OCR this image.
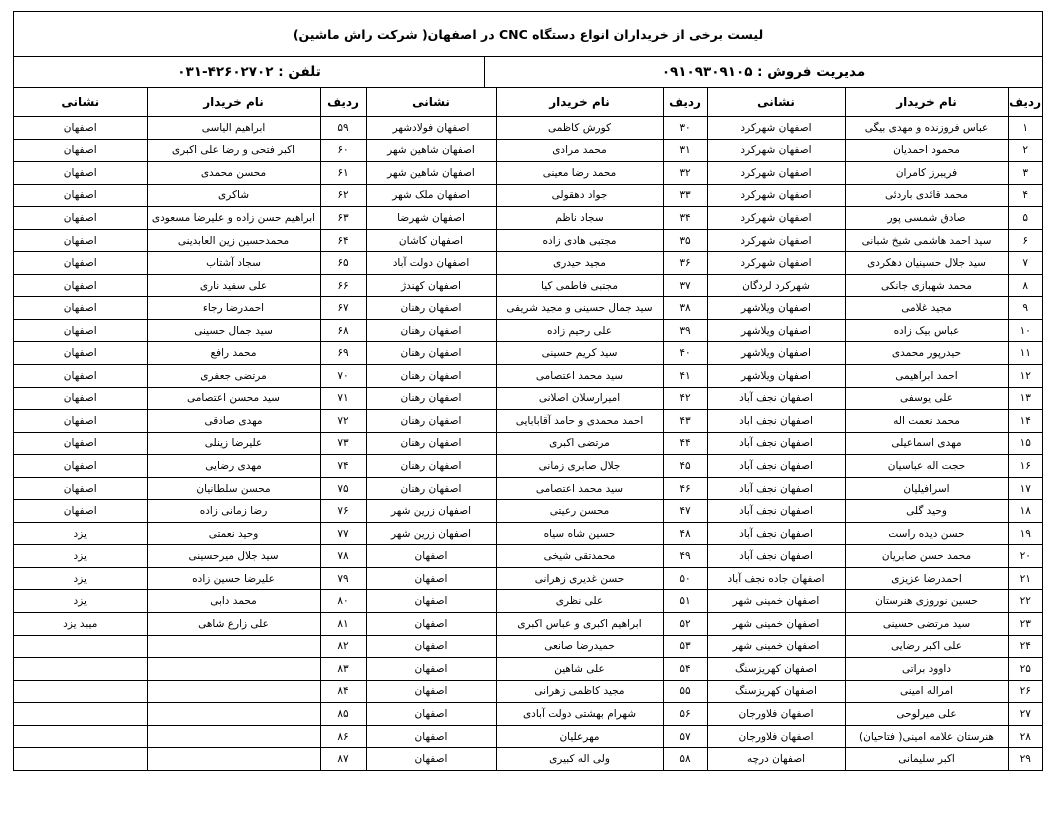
لیست برخی از خریداران انواع دستگاه CNC در اصفهان( شرکت راش ماشین)
مدیریت فروش : ۰۹۱۰۹۳۰۹۱۰۵
تلفن : ۴۲۶۰۲۷۰۲-۰۳۱
ردیف	نام خریدار	نشانی	ردیف	نام خریدار	نشانی	ردیف	نام خریدار	نشانی
۱	عباس فروزنده و مهدی بیگی	اصفهان شهرکرد	۳۰	کورش کاظمی	اصفهان فولادشهر	۵۹	ابراهیم الیاسی	اصفهان
۲	محمود احمدیان	اصفهان شهرکرد	۳۱	محمد مرادی	اصفهان شاهین شهر	۶۰	اکبر فتحی و رضا علی اکبری	اصفهان
۳	فریبرز کامران	اصفهان شهرکرد	۳۲	محمد رضا معینی	اصفهان شاهین شهر	۶۱	محسن محمدی	اصفهان
۴	محمد قائدی باردئی	اصفهان شهرکرد	۳۳	جواد دهقولی	اصفهان ملک شهر	۶۲	شاکری	اصفهان
۵	صادق شمسی پور	اصفهان شهرکرد	۳۴	سجاد ناظم	اصفهان شهرضا	۶۳	ابراهیم حسن زاده و علیرضا مسعودی	اصفهان
۶	سید احمد هاشمی شیخ شبانی	اصفهان شهرکرد	۳۵	مجتبی هادی زاده	اصفهان کاشان	۶۴	محمدحسین زین العابدینی	اصفهان
۷	سید جلال حسینیان دهکردی	اصفهان شهرکرد	۳۶	مجید حیدری	اصفهان دولت آباد	۶۵	سجاد آشتاب	اصفهان
۸	محمد شهبازی جانکی	شهرکرد لردگان	۳۷	مجتبی فاطمی کیا	اصفهان کهندژ	۶۶	علی سفید ناری	اصفهان
۹	مجید غلامی	اصفهان ویلاشهر	۳۸	سید جمال حسینی و مجید شریفی	اصفهان رهنان	۶۷	احمدرضا رجاء	اصفهان
۱۰	عباس بیک زاده	اصفهان ویلاشهر	۳۹	علی رحیم زاده	اصفهان رهنان	۶۸	سید جمال حسینی	اصفهان
۱۱	حیدرپور محمدی	اصفهان ویلاشهر	۴۰	سید کریم حسینی	اصفهان رهنان	۶۹	محمد رافع	اصفهان
۱۲	احمد ابراهیمی	اصفهان ویلاشهر	۴۱	سید محمد اعتصامی	اصفهان رهنان	۷۰	مرتضی جعفری	اصفهان
۱۳	علی یوسفی	اصفهان نجف آباد	۴۲	امیرارسلان اصلانی	اصفهان رهنان	۷۱	سید محسن اعتصامی	اصفهان
۱۴	محمد نعمت اله	اصفهان نجف اباد	۴۳	احمد محمدی و حامد آقابابایی	اصفهان رهنان	۷۲	مهدی صادقی	اصفهان
۱۵	مهدی اسماعیلی	اصفهان نجف آباد	۴۴	مرتضی اکبری	اصفهان رهنان	۷۳	علیرضا زینلی	اصفهان
۱۶	حجت اله عباسیان	اصفهان نجف آباد	۴۵	جلال صابری زمانی	اصفهان رهنان	۷۴	مهدی رضایی	اصفهان
۱۷	اسرافیلیان	اصفهان نجف آباد	۴۶	سید محمد اعتصامی	اصفهان رهنان	۷۵	محسن سلطانیان	اصفهان
۱۸	وحید گلی	اصفهان نجف آباد	۴۷	محسن رعیتی	اصفهان زرین شهر	۷۶	رضا زمانی زاده	اصفهان
۱۹	حسن دیده راست	اصفهان نجف آباد	۴۸	حسین شاه سیاه	اصفهان زرین شهر	۷۷	وحید نعمتی	یزد
۲۰	محمد حسن صابریان	اصفهان نجف آباد	۴۹	محمدتقی شیخی	اصفهان	۷۸	سید جلال میرحسینی	یزد
۲۱	احمدرضا عزیزی	اصفهان جاده نجف آباد	۵۰	حسن غدیری زهرانی	اصفهان	۷۹	علیرضا حسین زاده	یزد
۲۲	حسین نوروزی هنرستان	اصفهان خمینی شهر	۵۱	علی نظری	اصفهان	۸۰	محمد دابی	یزد
۲۳	سید مرتضی حسینی	اصفهان خمینی شهر	۵۲	ابراهیم اکبری و عباس اکبری	اصفهان	۸۱	علی زارع شاهی	میبد یزد
۲۴	علی اکبر رضایی	اصفهان خمینی شهر	۵۳	حمیدرضا صانعی	اصفهان	۸۲		
۲۵	داوود براتی	اصفهان کهریزسنگ	۵۴	علی شاهین	اصفهان	۸۳		
۲۶	امراله امینی	اصفهان کهریزسنگ	۵۵	مجید کاظمی زهرانی	اصفهان	۸۴		
۲۷	علی میرلوحی	اصفهان فلاورجان	۵۶	شهرام بهشتی دولت آبادی	اصفهان	۸۵		
۲۸	هنرستان علامه امینی( فتاحیان)	اصفهان فلاورجان	۵۷	مهرعلیان	اصفهان	۸۶		
۲۹	اکبر سلیمانی	اصفهان درچه	۵۸	ولی اله کبیری	اصفهان	۸۷		
